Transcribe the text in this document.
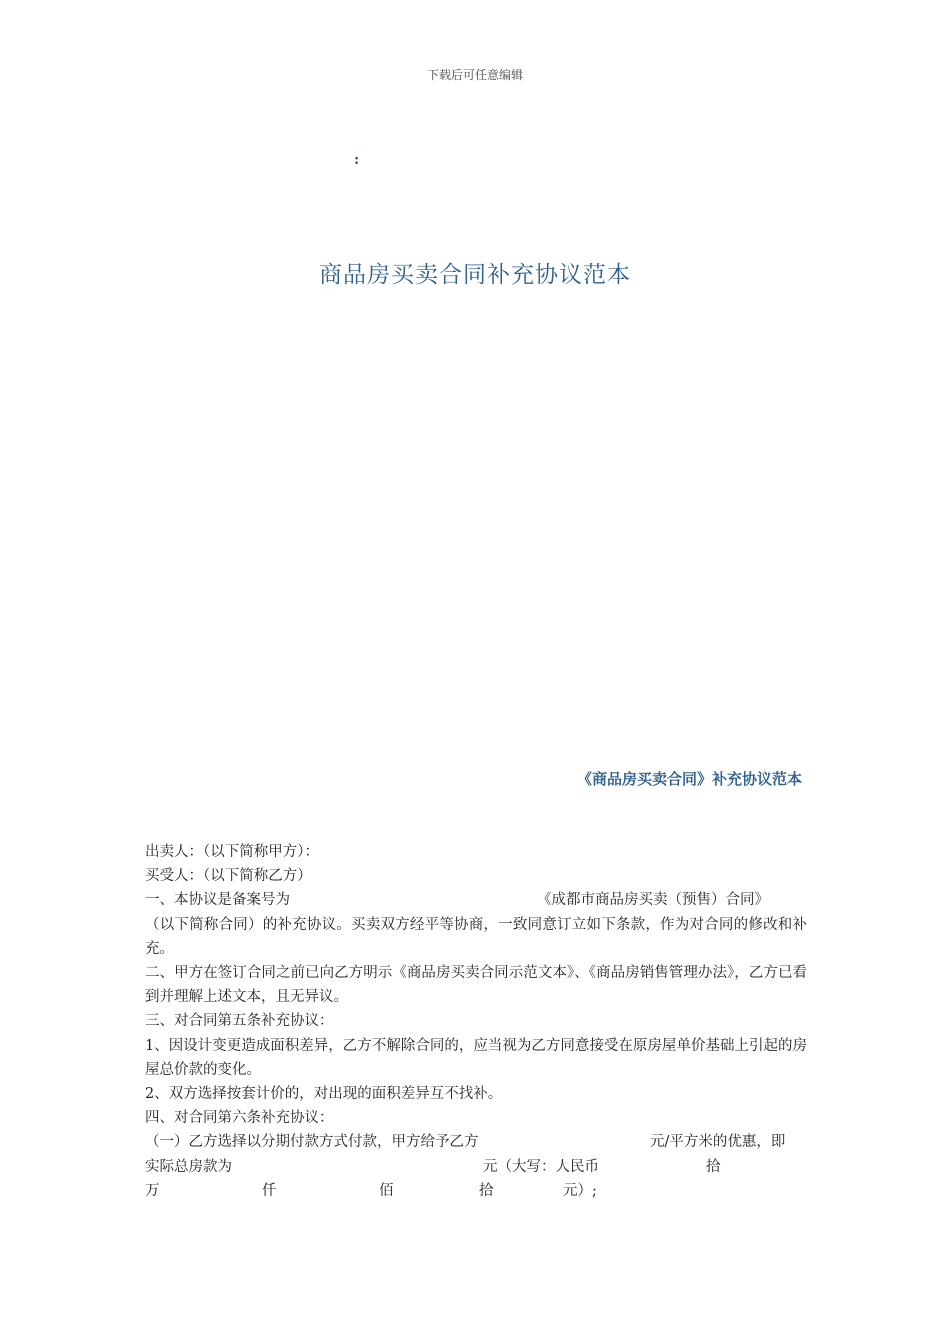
下载后可任意编辑
:
商品房买卖合同补充协议范本
《商品房买卖合同》补充协议范本
出卖人：（以下简称甲方）：
买受人：（以下简称乙方）
一、本协议是备案号为	《成都市商品房买卖（预售）合同》
（以下简称合同）的补充协议。买卖双方经平等协商，一致同意订立如下条款，作为对合同的修改和补充。
二、甲方在签订合同之前已向乙方明示《商品房买卖合同示范文本》、《商品房销售管理办法》，乙方已看到并理解上述文本，且无异议。
三、对合同第五条补充协议：
1、因设计变更造成面积差异，乙方不解除合同的，应当视为乙方同意接受在原房屋单价基础上引起的房屋总价款的变化。
2、双方选择按套计价的，对出现的面积差异互不找补。
四、对合同第六条补充协议：
（一）乙方选择以分期付款方式付款，甲方给予乙方	元/平方米的优惠，即
实际总房款为	元（大写：人民币	拾
万	仟	佰	拾	元）;
